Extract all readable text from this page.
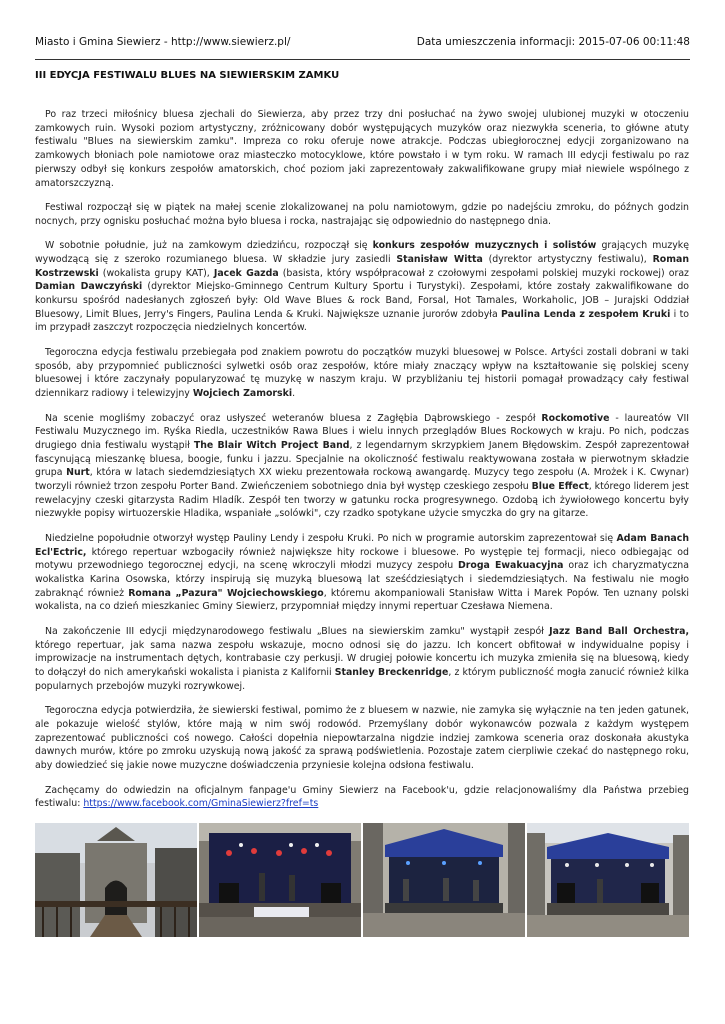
Miasto i Gmina Siewierz - http://www.siewierz.pl/	Data umieszczenia informacji: 2015-07-06 00:11:48
III EDYCJA FESTIWALU BLUES NA SIEWIERSKIM ZAMKU

Po raz trzeci miłośnicy bluesa zjechali do Siewierza, aby przez trzy dni posłuchać na żywo swojej ulubionej muzyki w otoczeniu zamkowych ruin. Wysoki poziom artystyczny, zróżnicowany dobór występujących muzyków oraz niezwykła sceneria, to główne atuty festiwalu "Blues na siewierskim zamku". Impreza co roku oferuje nowe atrakcje. Podczas ubiegłorocznej edycji zorganizowano na zamkowych błoniach pole namiotowe oraz miasteczko motocyklowe, które powstało i w tym roku. W ramach III edycji festiwalu po raz pierwszy odbył się konkurs zespołów amatorskich, choć poziom jaki zaprezentowały zakwalifikowane grupy miał niewiele wspólnego z amatorszczyzną.

Festiwal rozpoczął się w piątek na małej scenie zlokalizowanej na polu namiotowym, gdzie po nadejściu zmroku, do późnych godzin nocnych, przy ognisku posłuchać można było bluesa i rocka, nastrajając się odpowiednio do następnego dnia.

W sobotnie południe, już na zamkowym dziedzińcu, rozpoczął się konkurs zespołów muzycznych i solistów grających muzykę wywodzącą się z szeroko rozumianego bluesa. W składzie jury zasiedli Stanisław Witta (dyrektor artystyczny festiwalu), Roman Kostrzewski (wokalista grupy KAT), Jacek Gazda (basista, który współpracował z czołowymi zespołami polskiej muzyki rockowej) oraz Damian Dawczyński (dyrektor Miejsko-Gminnego Centrum Kultury Sportu i Turystyki). Zespołami, które zostały zakwalifikowane do konkursu spośród nadesłanych zgłoszeń były: Old Wave Blues & rock Band, Forsal, Hot Tamales, Workaholic, JOB – Jurajski Oddział Bluesowy, Limit Blues, Jerry's Fingers, Paulina Lenda & Kruki. Największe uznanie jurorów zdobyła Paulina Lenda z zespołem Kruki i to im przypadł zaszczyt rozpoczęcia niedzielnych koncertów.

Tegoroczna edycja festiwalu przebiegała pod znakiem powrotu do początków muzyki bluesowej w Polsce. Artyści zostali dobrani w taki sposób, aby przypomnieć publiczności sylwetki osób oraz zespołów, które miały znaczący wpływ na kształtowanie się polskiej sceny bluesowej i które zaczynały popularyzować tę muzykę w naszym kraju. W przybliżaniu tej historii pomagał prowadzący cały festiwal dziennikarz radiowy i telewizyjny Wojciech Zamorski.

Na scenie mogliśmy zobaczyć oraz usłyszeć weteranów bluesa z Zagłębia Dąbrowskiego - zespół Rockomotive - laureatów VII Festiwalu Muzycznego im. Ryśka Riedla, uczestników Rawa Blues i wielu innych przeglądów Blues Rockowych w kraju. Po nich, podczas drugiego dnia festiwalu wystąpił The Blair Witch Project Band, z legendarnym skrzypkiem Janem Błędowskim. Zespół zaprezentował fascynującą mieszankę bluesa, boogie, funku i jazzu. Specjalnie na okoliczność festiwalu reaktywowana została w pierwotnym składzie grupa Nurt, która w latach siedemdziesiątych XX wieku prezentowała rockową awangardę. Muzycy tego zespołu (A. Mrożek i K. Cwynar) tworzyli również trzon zespołu Porter Band. Zwieńczeniem sobotniego dnia był występ czeskiego zespołu Blue Effect, którego liderem jest rewelacyjny czeski gitarzysta Radim Hladík. Zespół ten tworzy w gatunku rocka progresywnego. Ozdobą ich żywiołowego koncertu były niezwykłe popisy wirtuozerskie Hladika, wspaniałe „solówki", czy rzadko spotykane użycie smyczka do gry na gitarze.

Niedzielne popołudnie otworzył występ Pauliny Lendy i zespołu Kruki. Po nich w programie autorskim zaprezentował się Adam Banach Ecl'Ectric, którego repertuar wzbogaciły również największe hity rockowe i bluesowe. Po występie tej formacji, nieco odbiegając od motywu przewodniego tegorocznej edycji, na scenę wkroczyli młodzi muzycy zespołu Droga Ewakuacyjna oraz ich charyzmatyczna wokalistka Karina Osowska, którzy inspirują się muzyką bluesową lat sześćdziesiątych i siedemdziesiątych. Na festiwalu nie mogło zabraknąć również Romana „Pazura" Wojciechowskiego, któremu akompaniowali Stanisław Witta i Marek Popów. Ten uznany polski wokalista, na co dzień mieszkaniec Gminy Siewierz, przypomniał między innymi repertuar Czesława Niemena.

Na zakończenie III edycji międzynarodowego festiwalu „Blues na siewierskim zamku" wystąpił zespół Jazz Band Ball Orchestra, którego repertuar, jak sama nazwa zespołu wskazuje, mocno odnosi się do jazzu. Ich koncert obfitował w indywidualne popisy i improwizacje na instrumentach dętych, kontrabasie czy perkusji. W drugiej połowie koncertu ich muzyka zmieniła się na bluesową, kiedy to dołączył do nich amerykański wokalista i pianista z Kalifornii Stanley Breckenridge, z którym publiczność mogła zanucić również kilka popularnych przebojów muzyki rozrywkowej.

Tegoroczna edycja potwierdziła, że siewierski festiwal, pomimo że z bluesem w nazwie, nie zamyka się wyłącznie na ten jeden gatunek, ale pokazuje wielość stylów, które mają w nim swój rodowód. Przemyślany dobór wykonawców pozwala z każdym występem zaprezentować publiczności coś nowego. Całości dopełnia niepowtarzalna nigdzie indziej zamkowa sceneria oraz doskonała akustyka dawnych murów, które po zmroku uzyskują nową jakość za sprawą podświetlenia. Pozostaje zatem cierpliwie czekać do następnego roku, aby dowiedzieć się jakie nowe muzyczne doświadczenia przyniesie kolejna odsłona festiwalu.

Zachęcamy do odwiedzin na oficjalnym fanpage'u Gminy Siewierz na Facebook'u, gdzie relacjonowaliśmy dla Państwa przebieg festiwalu: https://www.facebook.com/GminaSiewierz?fref=ts
